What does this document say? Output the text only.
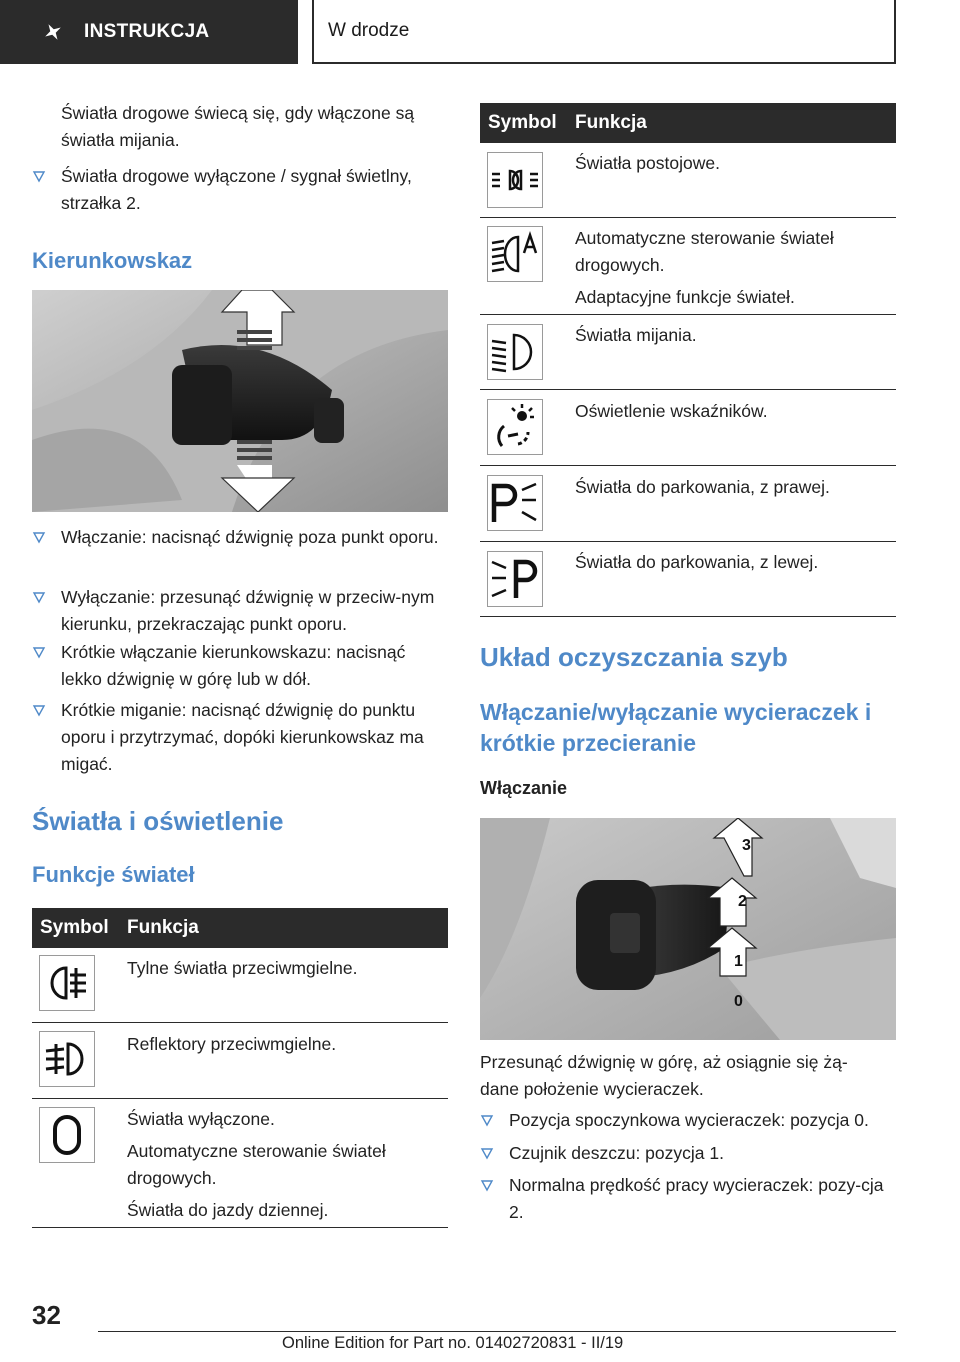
INSTRUKCJA	W drodze
Światła drogowe świecą się, gdy włączone są światła mijania.
Światła drogowe wyłączone / sygnał świetlny, strzałka 2.
Kierunkowskaz
Włączanie: nacisnąć dźwignię poza punkt oporu.
Wyłączanie: przesunąć dźwignię w przeciw-nym kierunku, przekraczając punkt oporu.
Krótkie włączanie kierunkowskazu: nacisnąć lekko dźwignię w górę lub w dół.
Krótkie miganie: nacisnąć dźwignię do punktu oporu i przytrzymać, dopóki kierunkowskaz ma migać.
Światła i oświetlenie
Funkcje świateł
Symbol Funkcja
Tylne światła przeciwmgielne.
Reflektory przeciwmgielne.
Światła wyłączone.
Automatyczne sterowanie świateł drogowych.
Światła do jazdy dziennej.
Symbol Funkcja
Światła postojowe.
Automatyczne sterowanie świateł drogowych.
Adaptacyjne funkcje świateł.
Światła mijania.
Oświetlenie wskaźników.
Światła do parkowania, z prawej.
Światła do parkowania, z lewej.
Układ oczyszczania szyb
Włączanie/wyłączanie wycieraczek i krótkie przecieranie
Włączanie
3
2
1
0
Przesunąć dźwignię w górę, aż osiągnie się żą-dane położenie wycieraczek.
Pozycja spoczynkowa wycieraczek: pozycja 0.
Czujnik deszczu: pozycja 1.
Normalna prędkość pracy wycieraczek: pozy-cja 2.
32
Online Edition for Part no. 01402720831 - II/19
